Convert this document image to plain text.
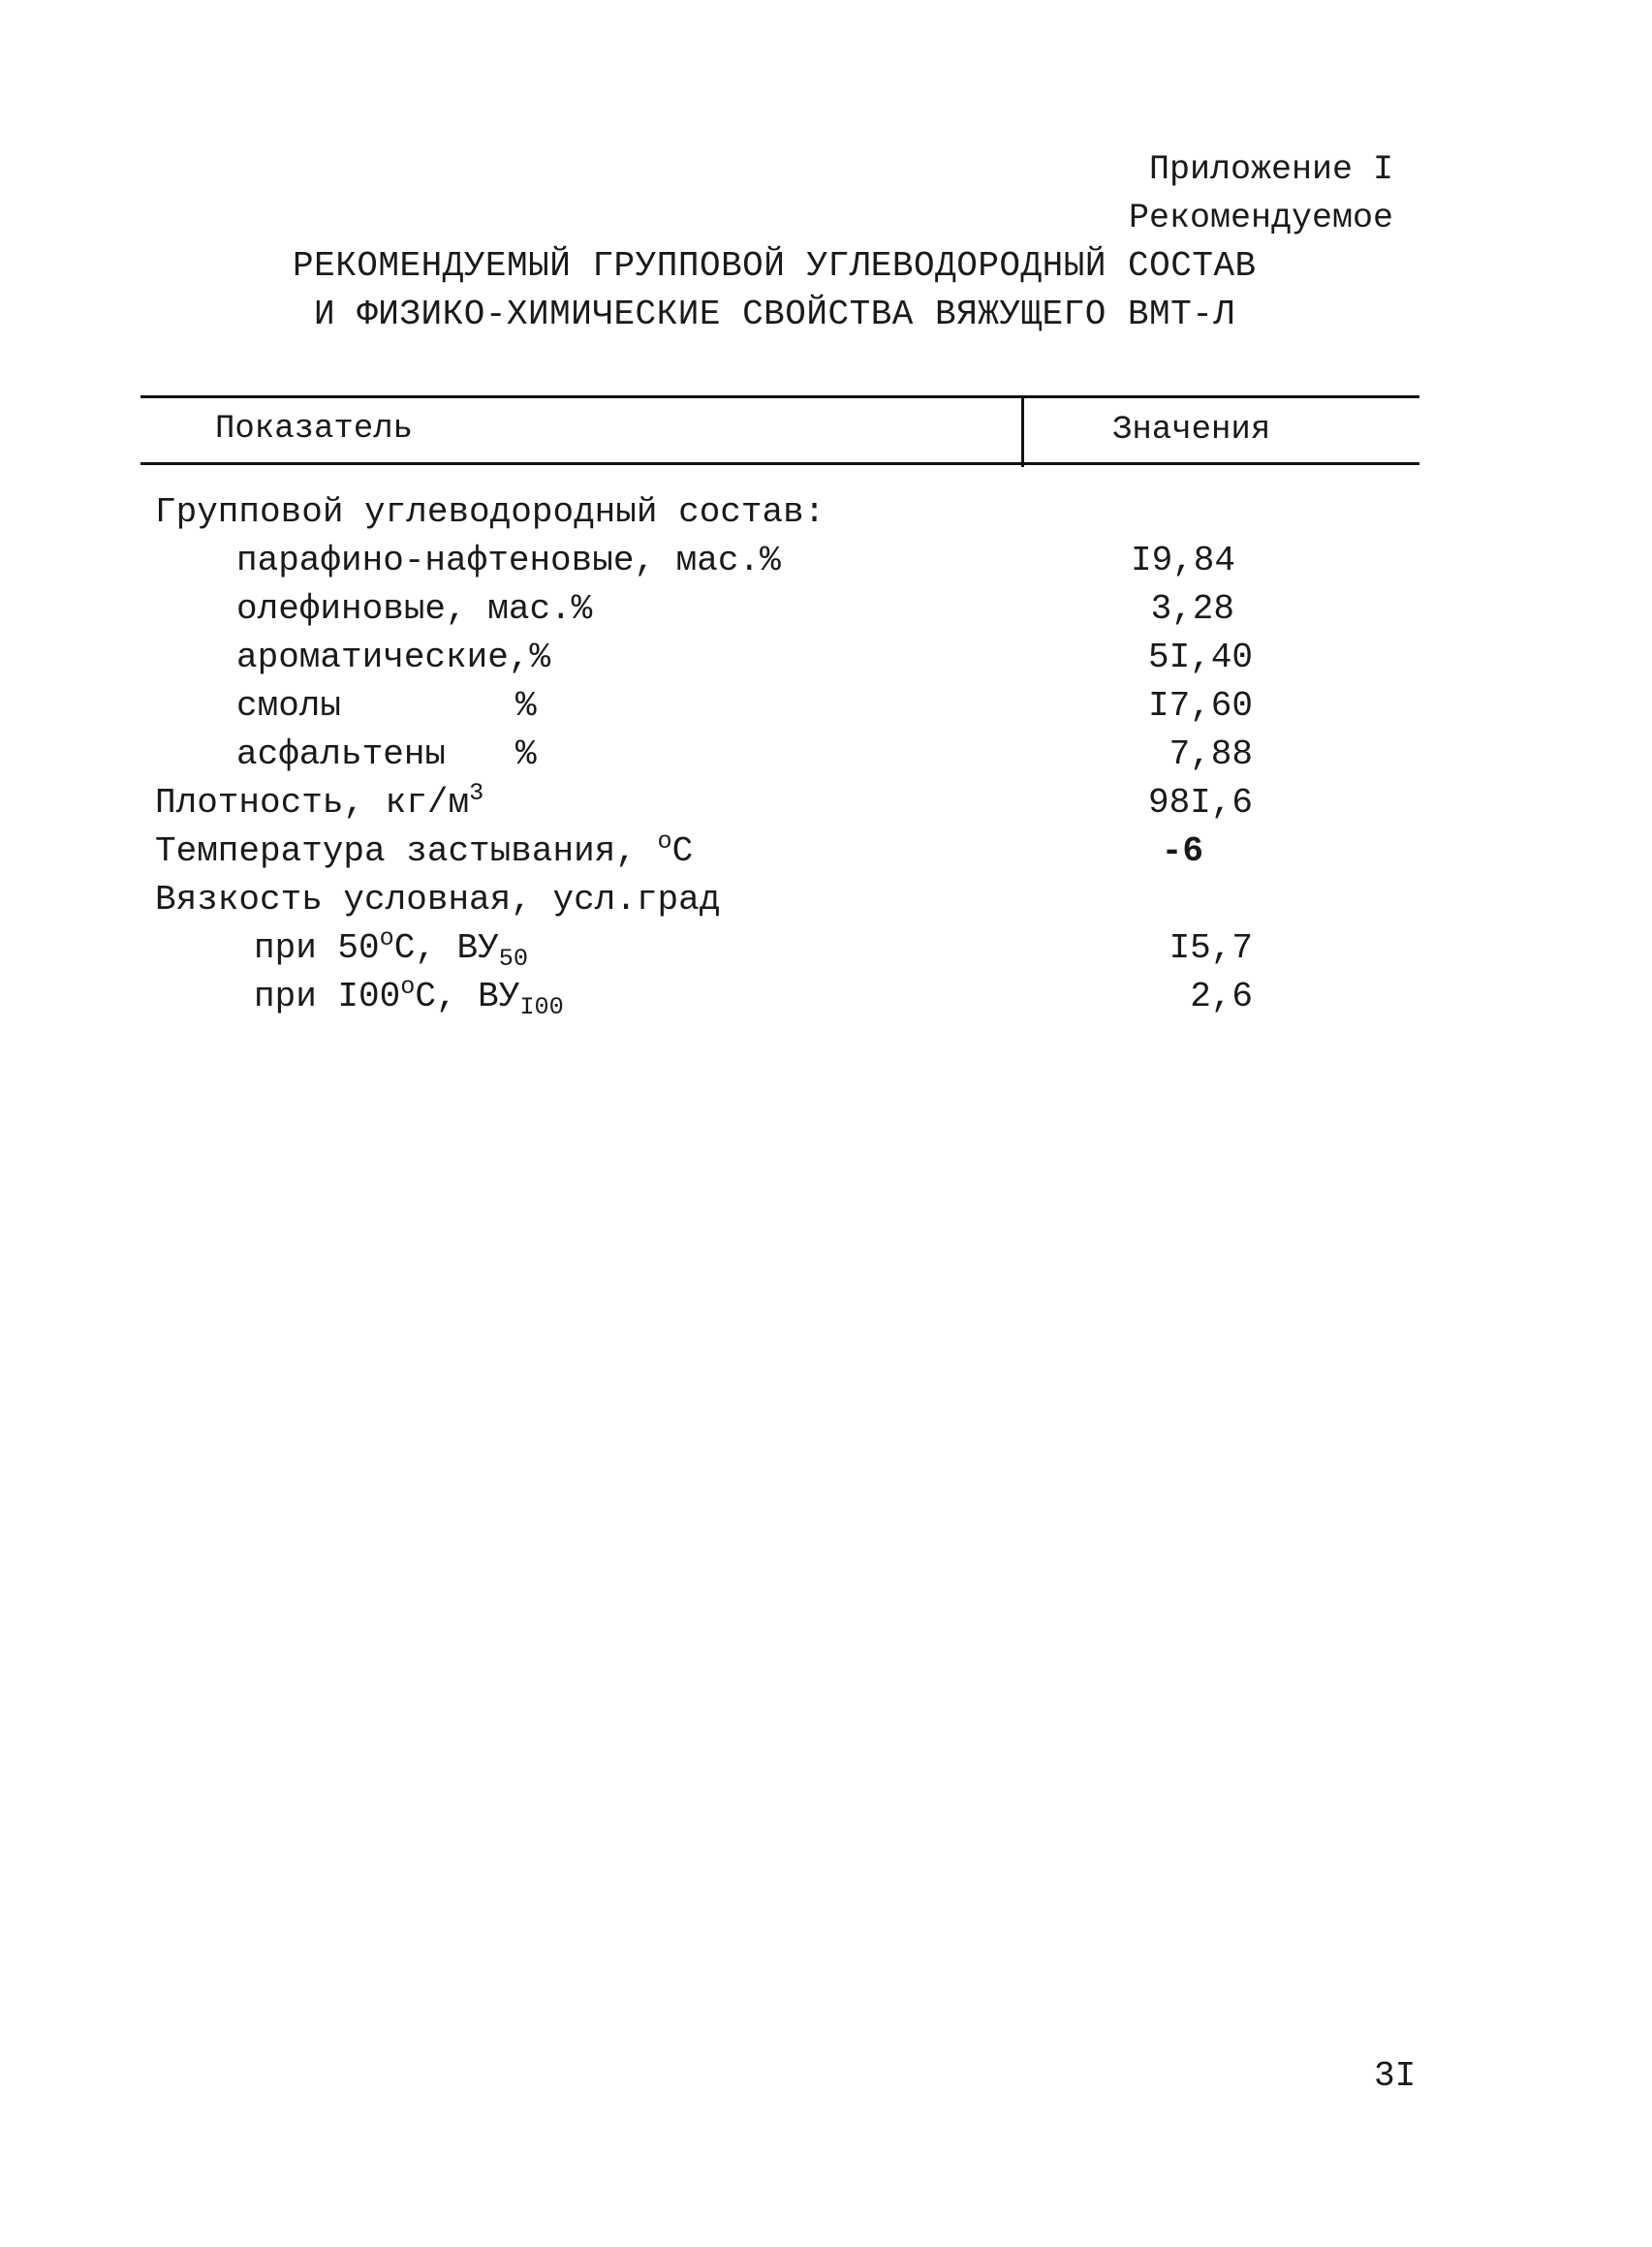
Приложение I
Рекомендуемое
РЕКОМЕНДУЕМЫЙ ГРУППОВОЙ УГЛЕВОДОРОДНЫЙ СОСТАВ
И ФИЗИКО-ХИМИЧЕСКИЕ СВОЙСТВА ВЯЖУЩЕГО ВМТ-Л
Показатель	Значения
Групповой углеводородный состав:
парафино-нафтеновые, мас.%	I9,84
олефиновые, мас.%	3,28
ароматические,%	5I,40
смолы	%	I7,60
асфальтены %	7,88
Плотность, $кг/м^3$	98I,6
Температура застывания, $^о$С	-6
Вязкость условная, усл.град
при $50^оС$, $ВУ_{50}$	I5,7
при $I00^оС$, $ВУ_{I00}$	2,6
3I
